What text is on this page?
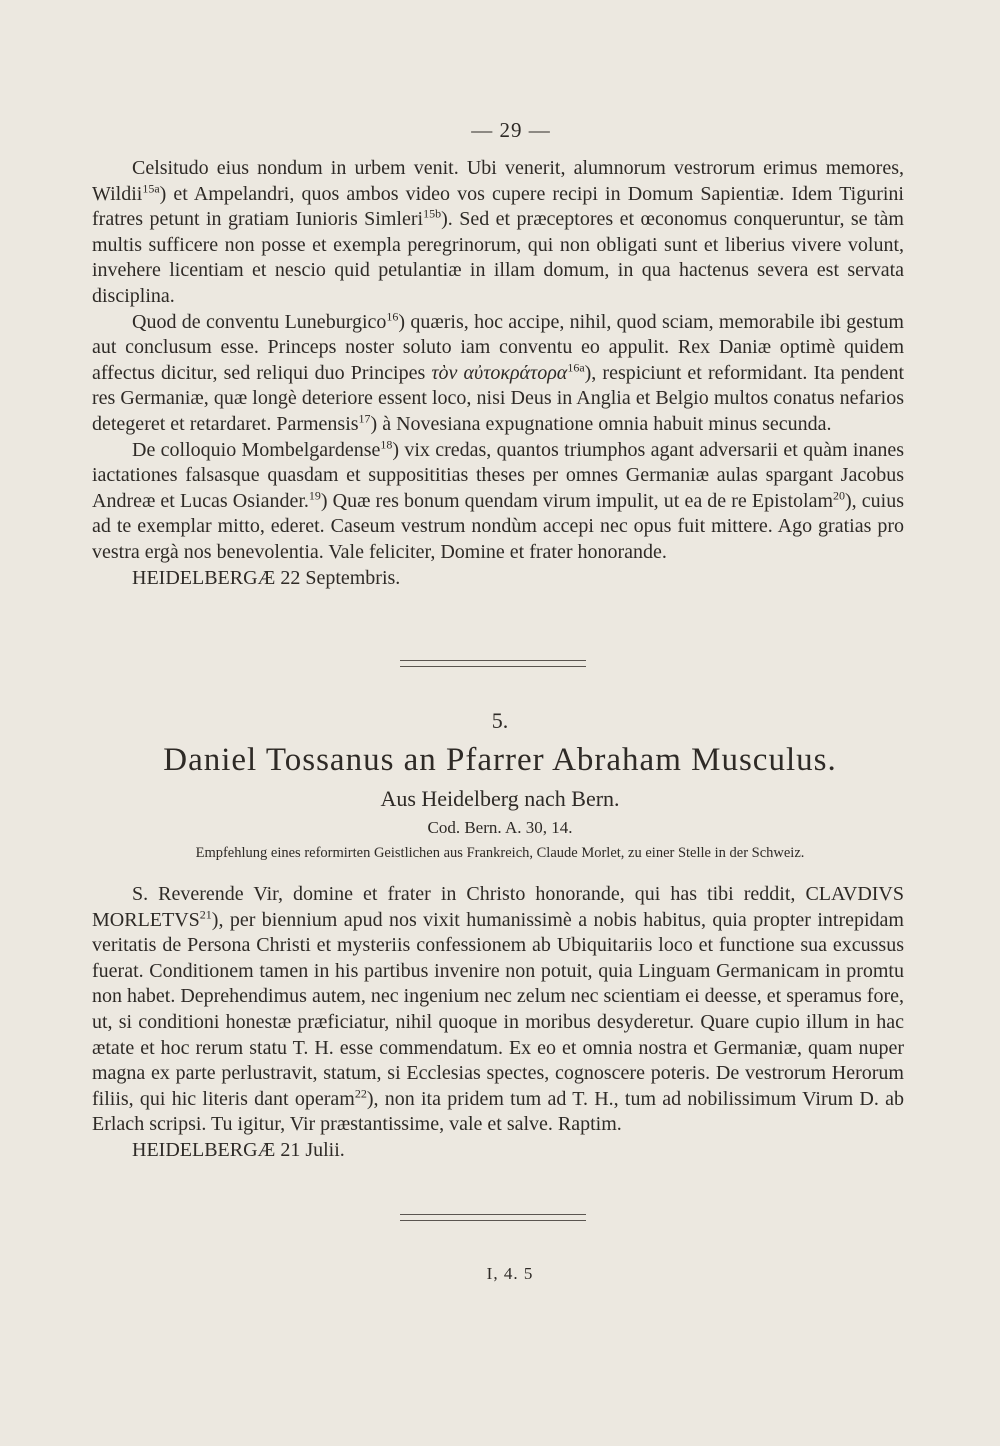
— 29 —

Celsitudo eius nondum in urbem venit. Ubi venerit, alumnorum vestrorum erimus memores, Wildii$^{15a}$) et Ampelandri, quos ambos video vos cupere recipi in Domum Sapientiæ. Idem Tigurini fratres petunt in gratiam Iunioris Simleri$^{15b}$). Sed et præceptores et œconomus conqueruntur, se tàm multis sufficere non posse et exempla peregrinorum, qui non obligati sunt et liberius vivere volunt, invehere licentiam et nescio quid petulantiæ in illam domum, in qua hactenus severa est servata disciplina.

Quod de conventu Luneburgico$^{16}$) quæris, hoc accipe, nihil, quod sciam, memorabile ibi gestum aut conclusum esse. Princeps noster soluto iam conventu eo appulit. Rex Daniæ optimè quidem affectus dicitur, sed reliqui duo Principes τὸν αὐτοκράτορα$^{16a}$), respiciunt et reformidant. Ita pendent res Germaniæ, quæ longè deteriore essent loco, nisi Deus in Anglia et Belgio multos conatus nefarios detegeret et retardaret. Parmensis$^{17}$) à Novesiana expugnatione omnia habuit minus secunda.

De colloquio Mombelgardense$^{18}$) vix credas, quantos triumphos agant adversarii et quàm inanes iactationes falsasque quasdam et supposititias theses per omnes Germaniæ aulas spargant Jacobus Andreæ et Lucas Osiander.$^{19}$) Quæ res bonum quendam virum impulit, ut ea de re Epistolam$^{20}$), cuius ad te exemplar mitto, ederet. Caseum vestrum nondùm accepi nec opus fuit mittere. Ago gratias pro vestra ergà nos benevolentia. Vale feliciter, Domine et frater honorande.

HEIDELBERGÆ 22 Septembris.

5.
Daniel Tossanus an Pfarrer Abraham Musculus.
Aus Heidelberg nach Bern.
Cod. Bern. A. 30, 14.
Empfehlung eines reformirten Geistlichen aus Frankreich, Claude Morlet, zu einer Stelle in der Schweiz.

S. Reverende Vir, domine et frater in Christo honorande, qui has tibi reddit, CLAVDIVS MORLETVS$^{21}$), per biennium apud nos vixit humanissimè a nobis habitus, quia propter intrepidam veritatis de Persona Christi et mysteriis confessionem ab Ubiquitariis loco et functione sua excussus fuerat. Conditionem tamen in his partibus invenire non potuit, quia Linguam Germanicam in promtu non habet. Deprehendimus autem, nec ingenium nec zelum nec scientiam ei deesse, et speramus fore, ut, si conditioni honestæ præficiatur, nihil quoque in moribus desyderetur. Quare cupio illum in hac ætate et hoc rerum statu T. H. esse commendatum. Ex eo et omnia nostra et Germaniæ, quam nuper magna ex parte perlustravit, statum, si Ecclesias spectes, cognoscere poteris. De vestrorum Herorum filiis, qui hic literis dant operam$^{22}$), non ita pridem tum ad T. H., tum ad nobilissimum Virum D. ab Erlach scripsi. Tu igitur, Vir præstantissime, vale et salve. Raptim.

HEIDELBERGÆ 21 Julii.

I, 4. 5
